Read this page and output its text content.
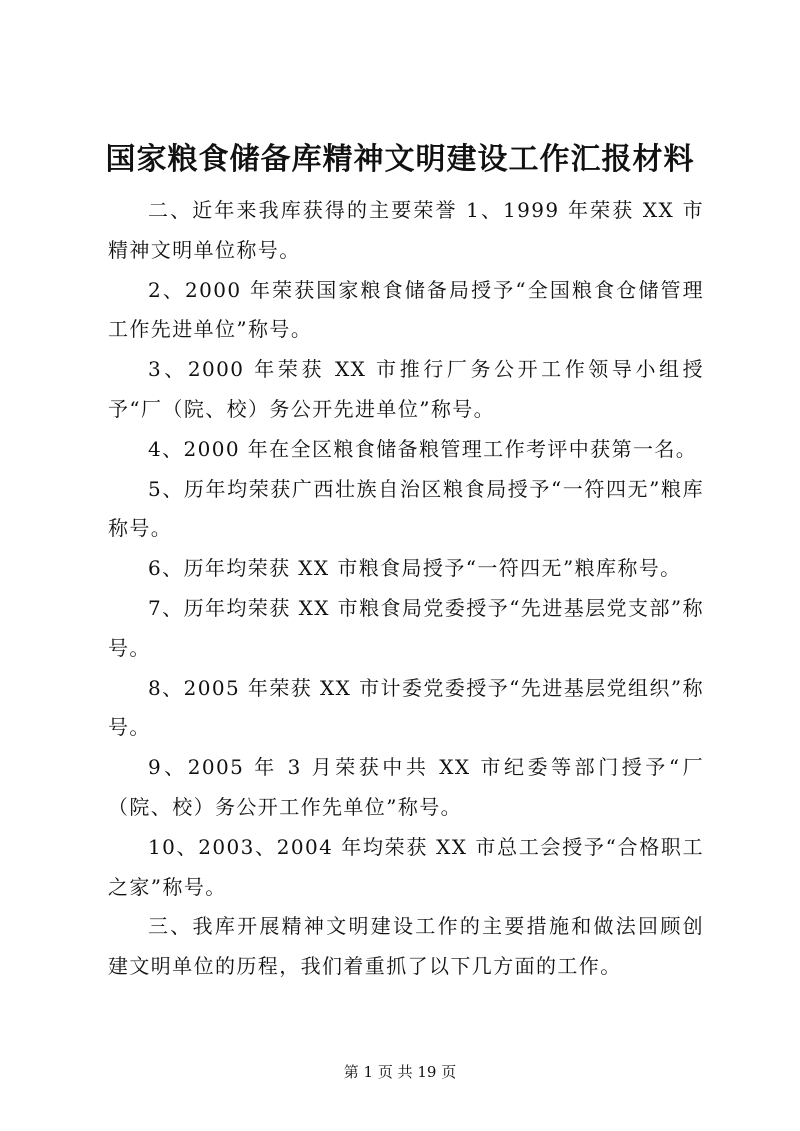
国家粮食储备库精神文明建设工作汇报材料

二、近年来我库获得的主要荣誉 1、1999 年荣获 XX 市精神文明单位称号。

2、2000 年荣获国家粮食储备局授予“全国粮食仓储管理工作先进单位”称号。

3、2000 年荣获 XX 市推行厂务公开工作领导小组授予“厂（院、校）务公开先进单位”称号。

4、2000 年在全区粮食储备粮管理工作考评中获第一名。

5、历年均荣获广西壮族自治区粮食局授予“一符四无”粮库称号。

6、历年均荣获 XX 市粮食局授予“一符四无”粮库称号。

7、历年均荣获 XX 市粮食局党委授予“先进基层党支部”称号。

8、2005 年荣获 XX 市计委党委授予“先进基层党组织”称号。

9、2005 年 3 月荣获中共 XX 市纪委等部门授予“厂（院、校）务公开工作先单位”称号。

10、2003、2004 年均荣获 XX 市总工会授予“合格职工之家”称号。

三、我库开展精神文明建设工作的主要措施和做法回顾创建文明单位的历程，我们着重抓了以下几方面的工作。

第 1 页 共 19 页
